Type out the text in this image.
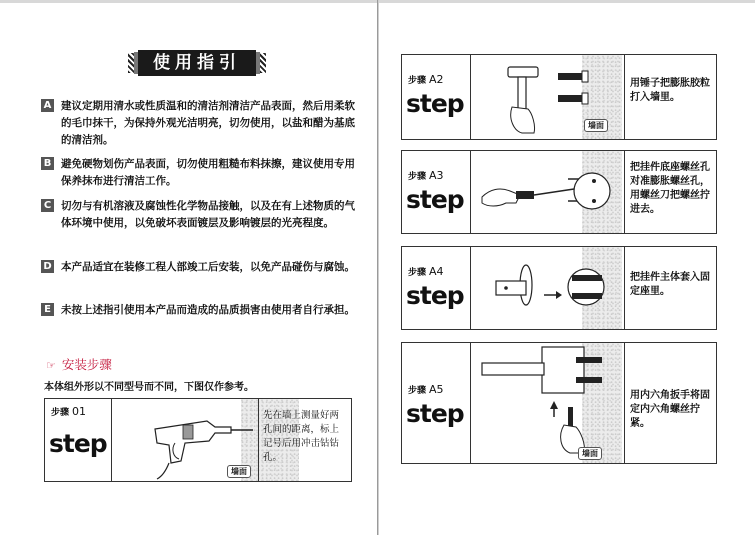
使用指引
A 建议定期用清水或性质温和的清洁剂清洁产品表面，然后用柔软的毛巾抹干，为保持外观光洁明亮，切勿使用，以盐和醋为基底的清洁剂。
B 避免硬物划伤产品表面，切勿使用粗糙布料抹擦，建议使用专用保养抹布进行清洁工作。
C 切勿与有机溶液及腐蚀性化学物品接触，以及在有上述物质的气体环境中使用，以免破坏表面镀层及影响镀层的光亮程度。
D 本产品适宜在装修工程人部竣工后安装，以免产品碰伤与腐蚀。
E 未按上述指引使用本产品而造成的品质损害由使用者自行承担。
☞ 安装步骤
本体组外形以不同型号而不同，下图仅作参考。
步骤 01
step
墙面
先在墙上测量好两孔间的距离，标上记号后用冲击钻钻孔。
步骤 A2
step
墙面
用锤子把膨胀胶粒打入墙里。
步骤 A3
step
把挂件底座螺丝孔对准膨胀螺丝孔，用螺丝刀把螺丝拧进去。
步骤 A4
step
把挂件主体套入固定座里。
步骤 A5
step
墙面
用内六角扳手将固定内六角螺丝拧紧。
